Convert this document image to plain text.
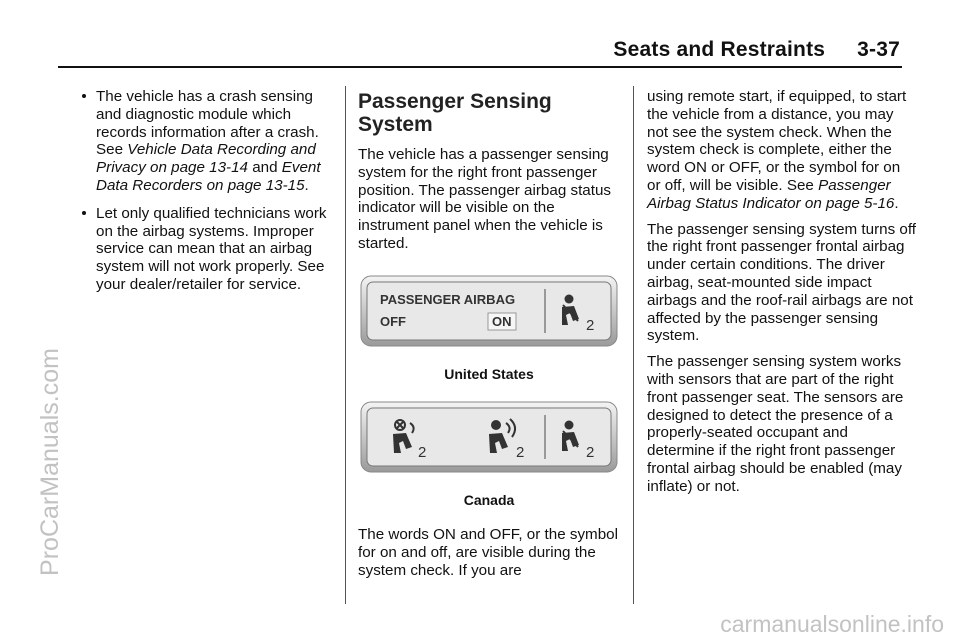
Seats and Restraints 3-37
ProCarManuals.com
carmanualsonline.info
The vehicle has a crash sensing and diagnostic module which records information after a crash. See Vehicle Data Recording and Privacy on page 13-14 and Event Data Recorders on page 13-15.
Let only qualified technicians work on the airbag systems. Improper service can mean that an airbag system will not work properly. See your dealer/retailer for service.
Passenger Sensing System

The vehicle has a passenger sensing system for the right front passenger position. The passenger airbag status indicator will be visible on the instrument panel when the vehicle is started.

PASSENGER AIRBAG
OFF	ON	2
United States
2	2	2
Canada

The words ON and OFF, or the symbol for on and off, are visible during the system check. If you are

using remote start, if equipped, to start the vehicle from a distance, you may not see the system check. When the system check is complete, either the word ON or OFF, or the symbol for on or off, will be visible. See Passenger Airbag Status Indicator on page 5-16.

The passenger sensing system turns off the right front passenger frontal airbag under certain conditions. The driver airbag, seat-mounted side impact airbags and the roof-rail airbags are not affected by the passenger sensing system.

The passenger sensing system works with sensors that are part of the right front passenger seat. The sensors are designed to detect the presence of a properly-seated occupant and determine if the right front passenger frontal airbag should be enabled (may inflate) or not.
